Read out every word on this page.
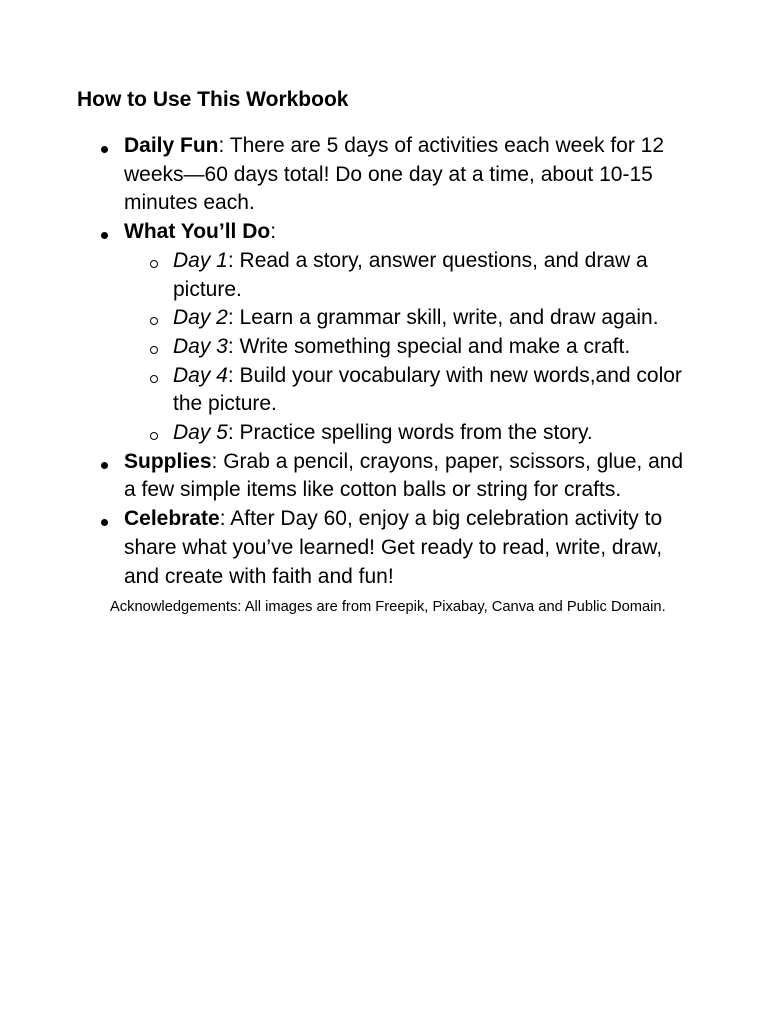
How to Use This Workbook
Daily Fun: There are 5 days of activities each week for 12 weeks—60 days total! Do one day at a time, about 10-15 minutes each.
What You’ll Do:
Day 1: Read a story, answer questions, and draw a picture.
Day 2: Learn a grammar skill, write, and draw again.
Day 3: Write something special and make a craft.
Day 4: Build your vocabulary with new words,and color the picture.
Day 5: Practice spelling words from the story.
Supplies: Grab a pencil, crayons, paper, scissors, glue, and a few simple items like cotton balls or string for crafts.
Celebrate: After Day 60, enjoy a big celebration activity to share what you’ve learned! Get ready to read, write, draw, and create with faith and fun!

Acknowledgements: All images are from Freepik, Pixabay, Canva and Public Domain.
